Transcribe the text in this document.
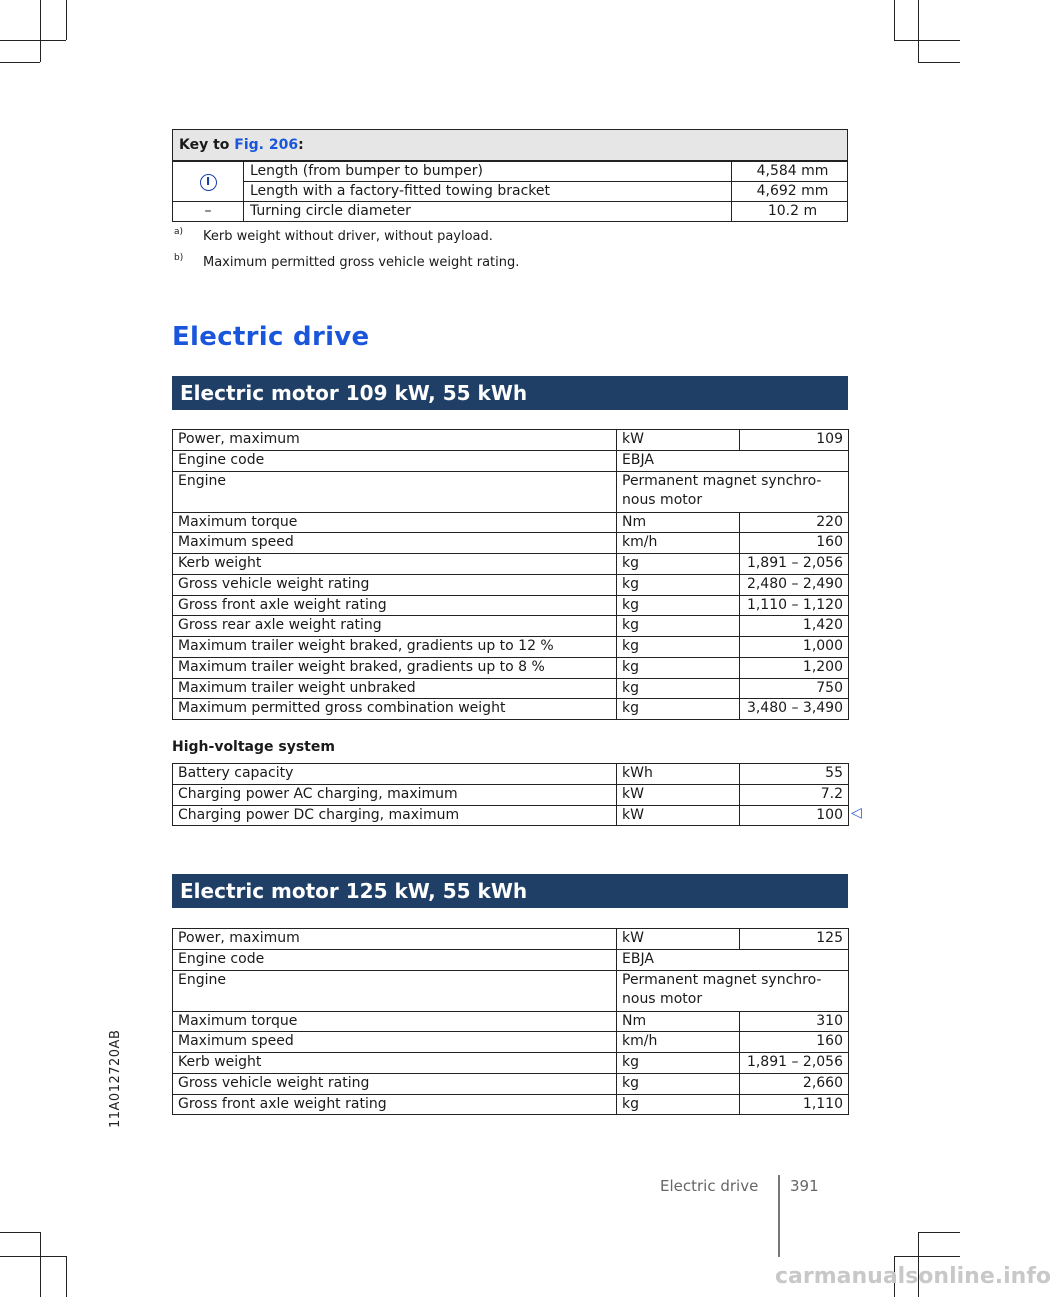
Key to Fig. 206:		
I	Length (from bumper to bumper)	4,584 mm
	Length with a factory-fitted towing bracket	4,692 mm
–	Turning circle diameter	10.2 m
a) Kerb weight without driver, without payload.
b) Maximum permitted gross vehicle weight rating.
Electric drive
Electric motor 109 kW, 55 kWh
Power, maximum	kW	109
Engine code	EBJA	
Engine	Permanent magnet synchro-nous motor	
Maximum torque	Nm	220
Maximum speed	km/h	160
Kerb weight	kg	1,891 – 2,056
Gross vehicle weight rating	kg	2,480 – 2,490
Gross front axle weight rating	kg	1,110 – 1,120
Gross rear axle weight rating	kg	1,420
Maximum trailer weight braked, gradients up to 12 %	kg	1,000
Maximum trailer weight braked, gradients up to 8 %	kg	1,200
Maximum trailer weight unbraked	kg	750
Maximum permitted gross combination weight	kg	3,480 – 3,490
High-voltage system
Battery capacity	kWh	55
Charging power AC charging, maximum	kW	7.2
Charging power DC charging, maximum	kW	100 ◁
Electric motor 125 kW, 55 kWh
Power, maximum	kW	125
Engine code	EBJA	
Engine	Permanent magnet synchro-nous motor	
Maximum torque	Nm	310
Maximum speed	km/h	160
Kerb weight	kg	1,891 – 2,056
Gross vehicle weight rating	kg	2,660
Gross front axle weight rating	kg	1,110
11A012720AB
Electric drive 391
carmanualsonline.info
